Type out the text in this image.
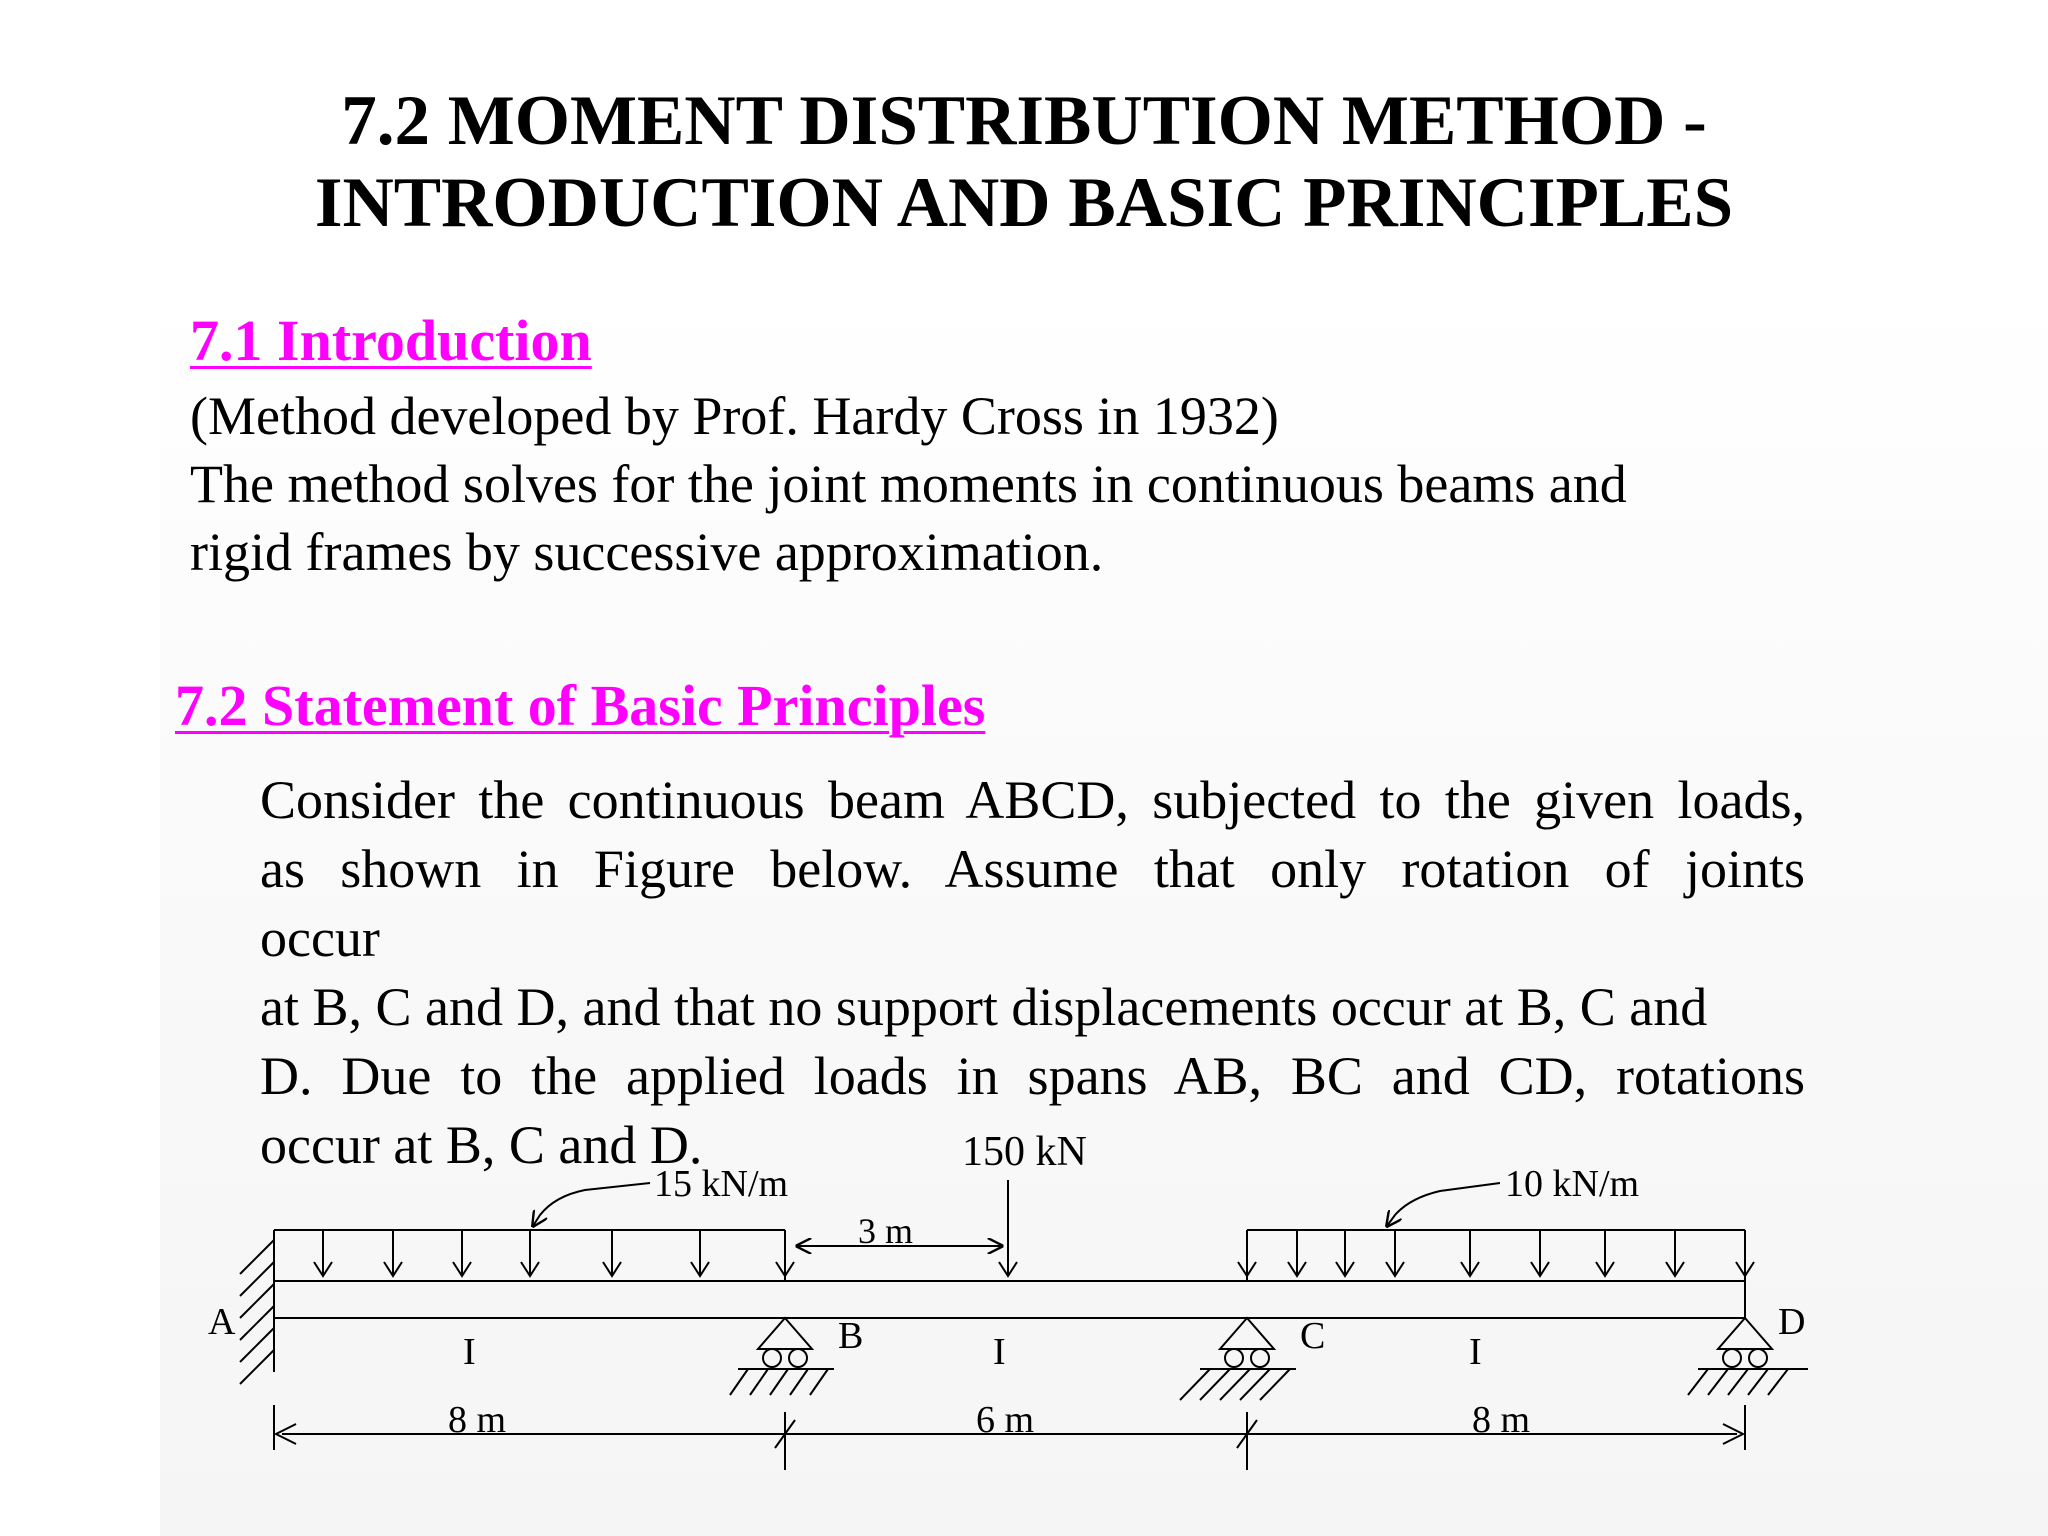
7.2 MOMENT DISTRIBUTION METHOD -
INTRODUCTION AND BASIC PRINCIPLES
7.1 Introduction
(Method developed by Prof. Hardy Cross in 1932)
The method solves for the joint moments in continuous beams and
rigid frames by successive approximation.
7.2 Statement of Basic Principles
Consider the continuous beam ABCD, subjected to the given loads,
as shown in Figure below. Assume that only rotation of joints
occur
at B, C and D, and that no support displacements occur at B, C and
D. Due to the applied loads in spans AB, BC and CD, rotations
occur at B, C and D.
15 kN/m
150 kN
3 m
10 kN/m
A	B	C	D
I	I	I
8 m	6 m	8 m
